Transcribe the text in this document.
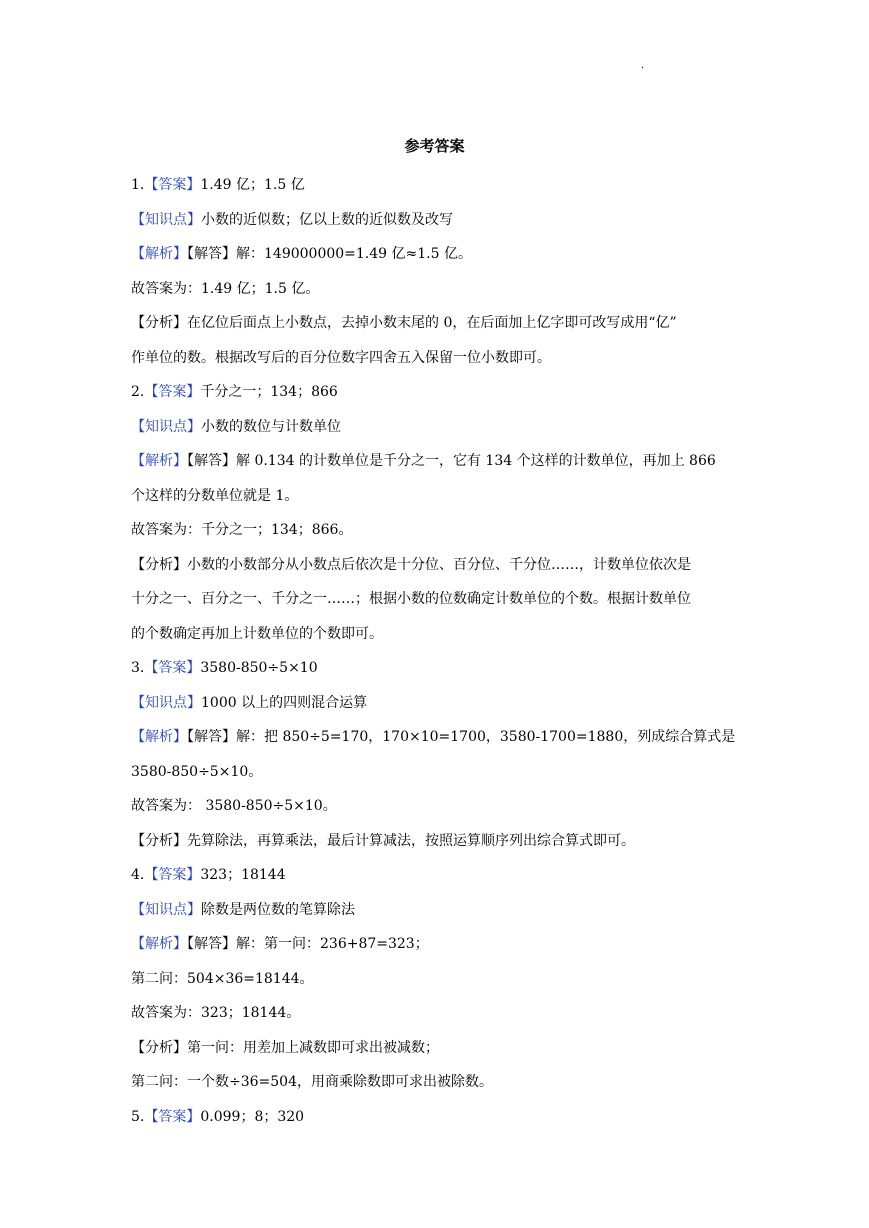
·
参考答案
1.【答案】1.49 亿；1.5 亿
【知识点】小数的近似数；亿以上数的近似数及改写
【解析】【解答】解：149000000=1.49 亿≈1.5 亿。
故答案为：1.49 亿；1.5 亿。
【分析】在亿位后面点上小数点，去掉小数末尾的 0，在后面加上亿字即可改写成用“亿”
作单位的数。根据改写后的百分位数字四舍五入保留一位小数即可。
2.【答案】千分之一；134；866
【知识点】小数的数位与计数单位
【解析】【解答】解 0.134 的计数单位是千分之一，它有 134 个这样的计数单位，再加上 866
个这样的分数单位就是 1。
故答案为：千分之一；134；866。
【分析】小数的小数部分从小数点后依次是十分位、百分位、千分位……，计数单位依次是
十分之一、百分之一、千分之一……；根据小数的位数确定计数单位的个数。根据计数单位
的个数确定再加上计数单位的个数即可。
3.【答案】3580-850÷5×10
【知识点】1000 以上的四则混合运算
【解析】【解答】解：把 850÷5=170，170×10=1700，3580-1700=1880，列成综合算式是
3580-850÷5×10。
故答案为： 3580-850÷5×10。
【分析】先算除法，再算乘法，最后计算减法，按照运算顺序列出综合算式即可。
4.【答案】323；18144
【知识点】除数是两位数的笔算除法
【解析】【解答】解：第一问：236+87=323；
第二问：504×36=18144。
故答案为：323；18144。
【分析】第一问：用差加上减数即可求出被减数；
第二问：一个数÷36=504，用商乘除数即可求出被除数。
5.【答案】0.099；8；320
